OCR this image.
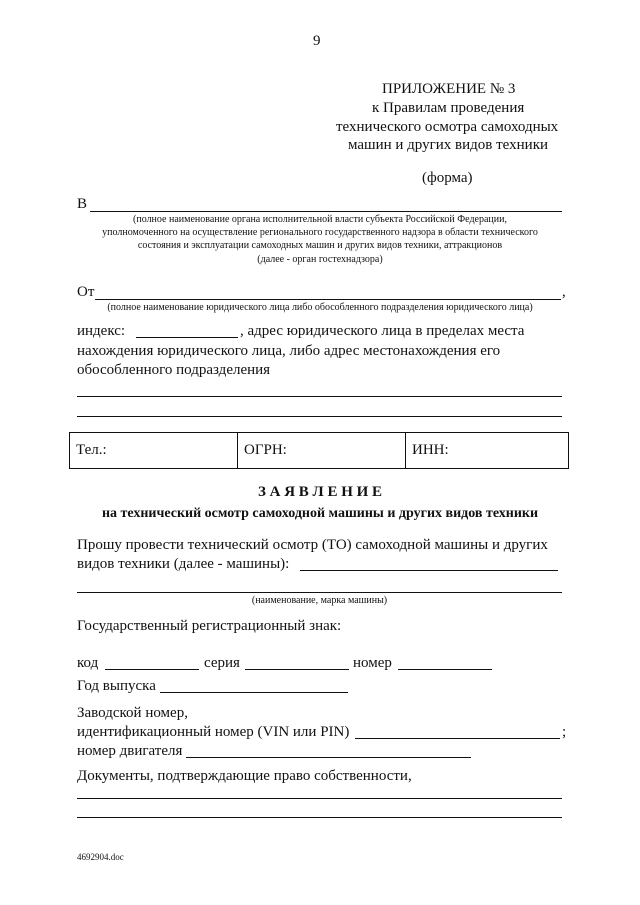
9
ПРИЛОЖЕНИЕ № 3
к Правилам проведения
технического осмотра самоходных
машин и других видов техники
(форма)
В
(полное наименование органа исполнительной власти субъекта Российской Федерации,
уполномоченного на осуществление регионального государственного надзора в области технического
состояния и эксплуатации самоходных машин и других видов техники, аттракционов
(далее - орган гостехнадзора)
От	,
(полное наименование юридического лица либо обособленного подразделения юридического лица)
индекс:	, адрес юридического лица в пределах места
нахождения юридического лица, либо адрес местонахождения его
обособленного подразделения
Тел.:	ОГРН:	ИНН:
З А Я В Л Е Н И Е
на технический осмотр самоходной машины и других видов техники
Прошу провести технический осмотр (ТО) самоходной машины и других
видов техники (далее - машины):
(наименование, марка машины)
Государственный регистрационный знак:
код	серия	номер
Год выпуска
Заводской номер,
идентификационный номер (VIN или PIN)	;
номер двигателя
Документы, подтверждающие право собственности,
4692904.doc
